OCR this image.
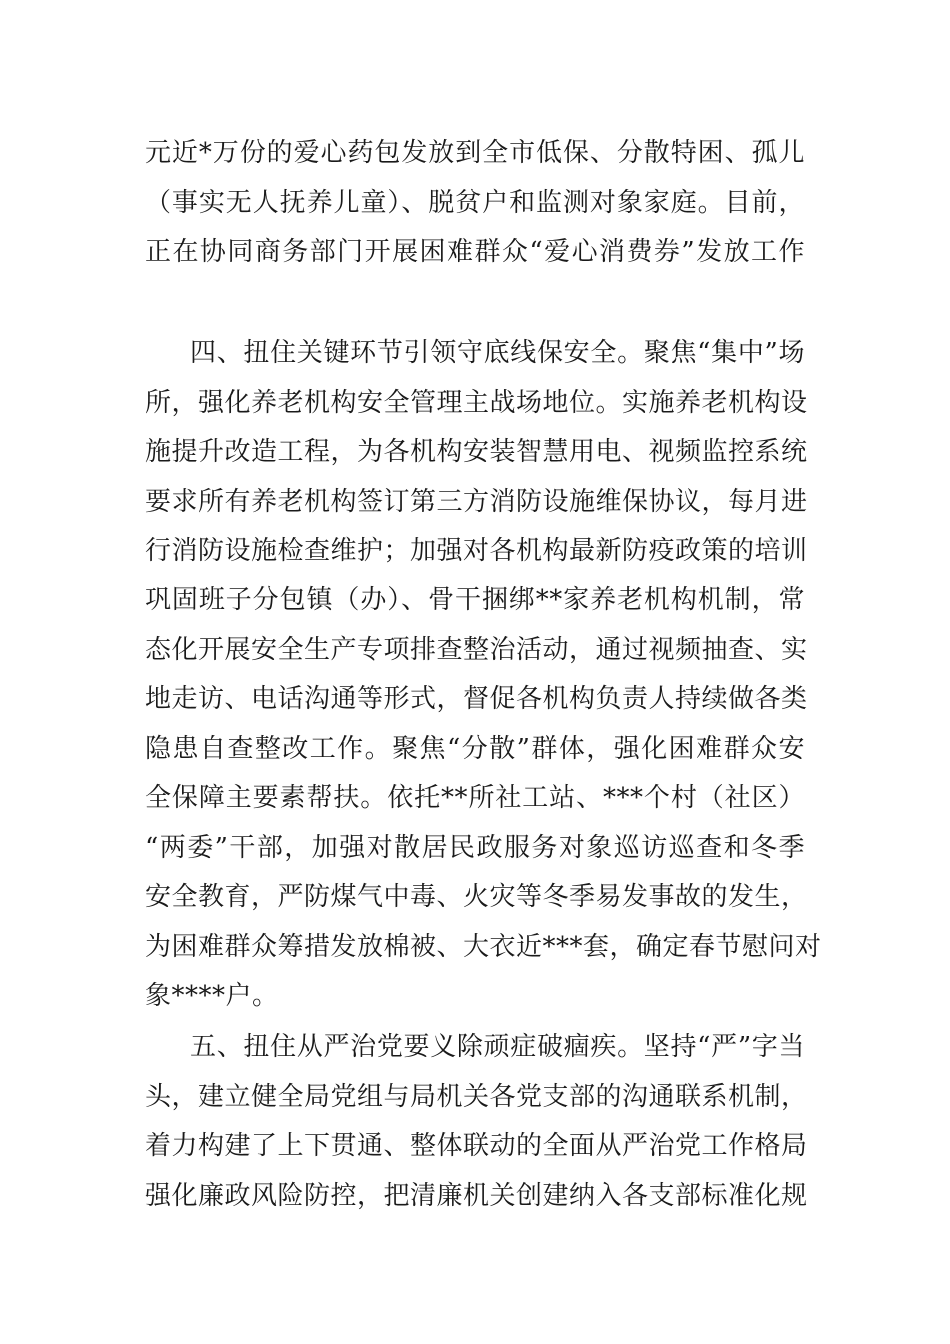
元近*万份的爱心药包发放到全市低保、分散特困、孤儿
（事实无人抚养儿童）、脱贫户和监测对象家庭。目前，
正在协同商务部门开展困难群众“爱心消费券”发放工作
四、扭住关键环节引领守底线保安全。聚焦“集中”场
所，强化养老机构安全管理主战场地位。实施养老机构设
施提升改造工程，为各机构安装智慧用电、视频监控系统
要求所有养老机构签订第三方消防设施维保协议，每月进
行消防设施检查维护；加强对各机构最新防疫政策的培训
巩固班子分包镇（办）、骨干捆绑**家养老机构机制，常
态化开展安全生产专项排查整治活动，通过视频抽查、实
地走访、电话沟通等形式，督促各机构负责人持续做各类
隐患自查整改工作。聚焦“分散”群体，强化困难群众安
全保障主要素帮扶。依托**所社工站、***个村（社区）
“两委”干部，加强对散居民政服务对象巡访巡查和冬季
安全教育，严防煤气中毒、火灾等冬季易发事故的发生，
为困难群众筹措发放棉被、大衣近***套，确定春节慰问对
象****户。
五、扭住从严治党要义除顽症破痼疾。坚持“严”字当
头，建立健全局党组与局机关各党支部的沟通联系机制，
着力构建了上下贯通、整体联动的全面从严治党工作格局
强化廉政风险防控，把清廉机关创建纳入各支部标准化规
